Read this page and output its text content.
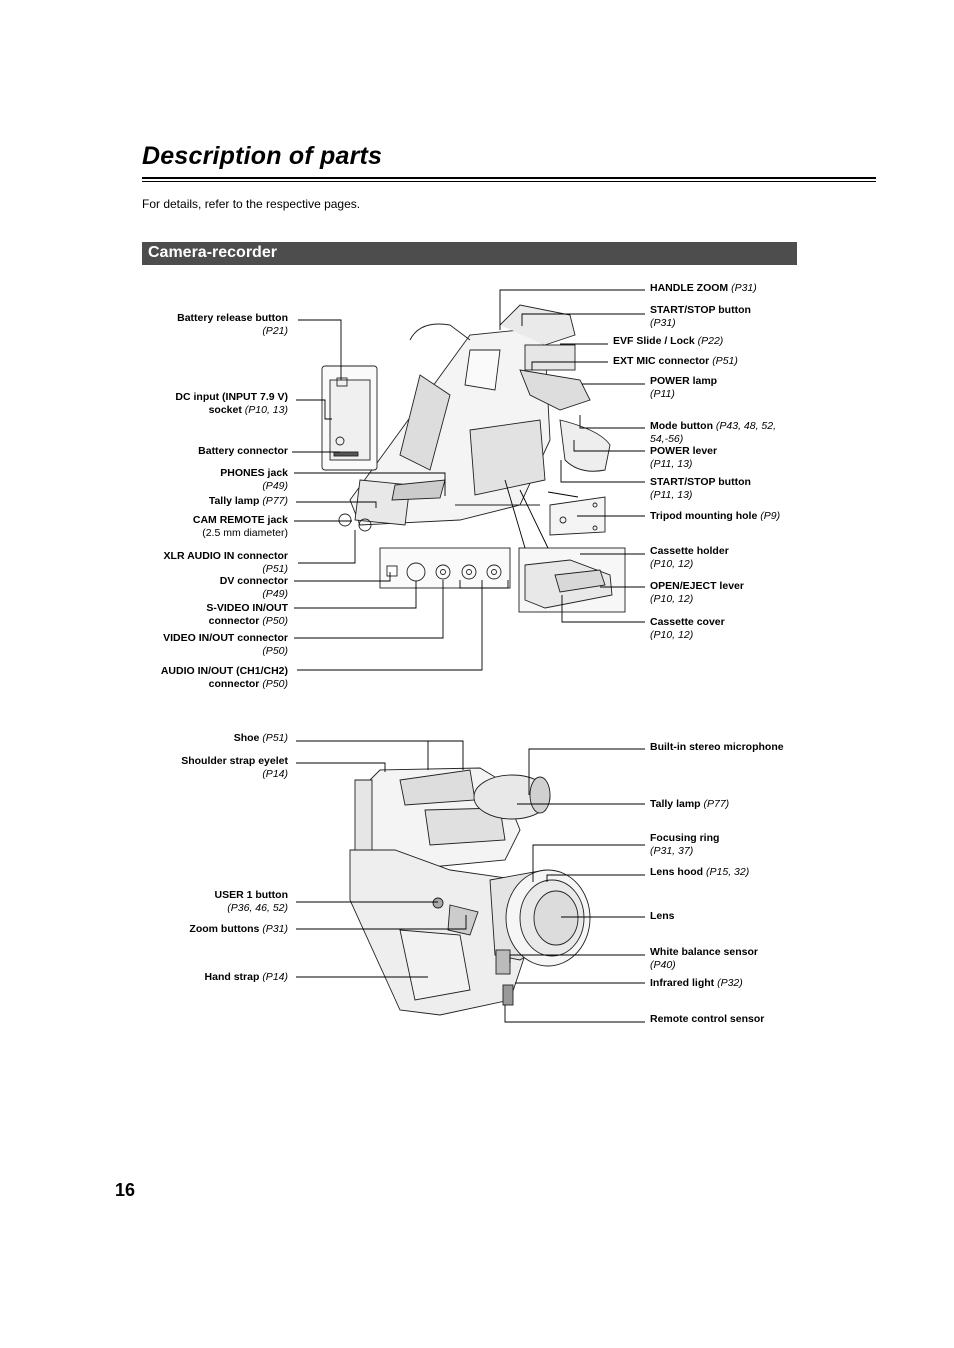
Description of parts
For details, refer to the respective pages.
Camera-recorder
Battery release button
(P21)
DC input (INPUT 7.9 V)
socket (P10, 13)
Battery connector
PHONES jack
(P49)
Tally lamp (P77)
CAM REMOTE jack
(2.5 mm diameter)
XLR AUDIO IN connector
(P51)
DV connector
(P49)
S-VIDEO IN/OUT
connector (P50)
VIDEO IN/OUT connector
(P50)
AUDIO IN/OUT (CH1/CH2)
connector (P50)
HANDLE ZOOM (P31)
START/STOP button
(P31)
EVF Slide / Lock (P22)
EXT MIC connector (P51)
POWER lamp
(P11)
Mode button (P43, 48, 52,
54,-56)
POWER lever
(P11, 13)
START/STOP button
(P11, 13)
Tripod mounting hole (P9)
Cassette holder
(P10, 12)
OPEN/EJECT lever
(P10, 12)
Cassette cover
(P10, 12)
Shoe (P51)
Shoulder strap eyelet
(P14)
USER 1 button
(P36, 46, 52)
Zoom buttons (P31)
Hand strap (P14)
Built-in stereo microphone
Tally lamp (P77)
Focusing ring
(P31, 37)
Lens hood (P15, 32)
Lens
White balance sensor
(P40)
Infrared light (P32)
Remote control sensor
16
